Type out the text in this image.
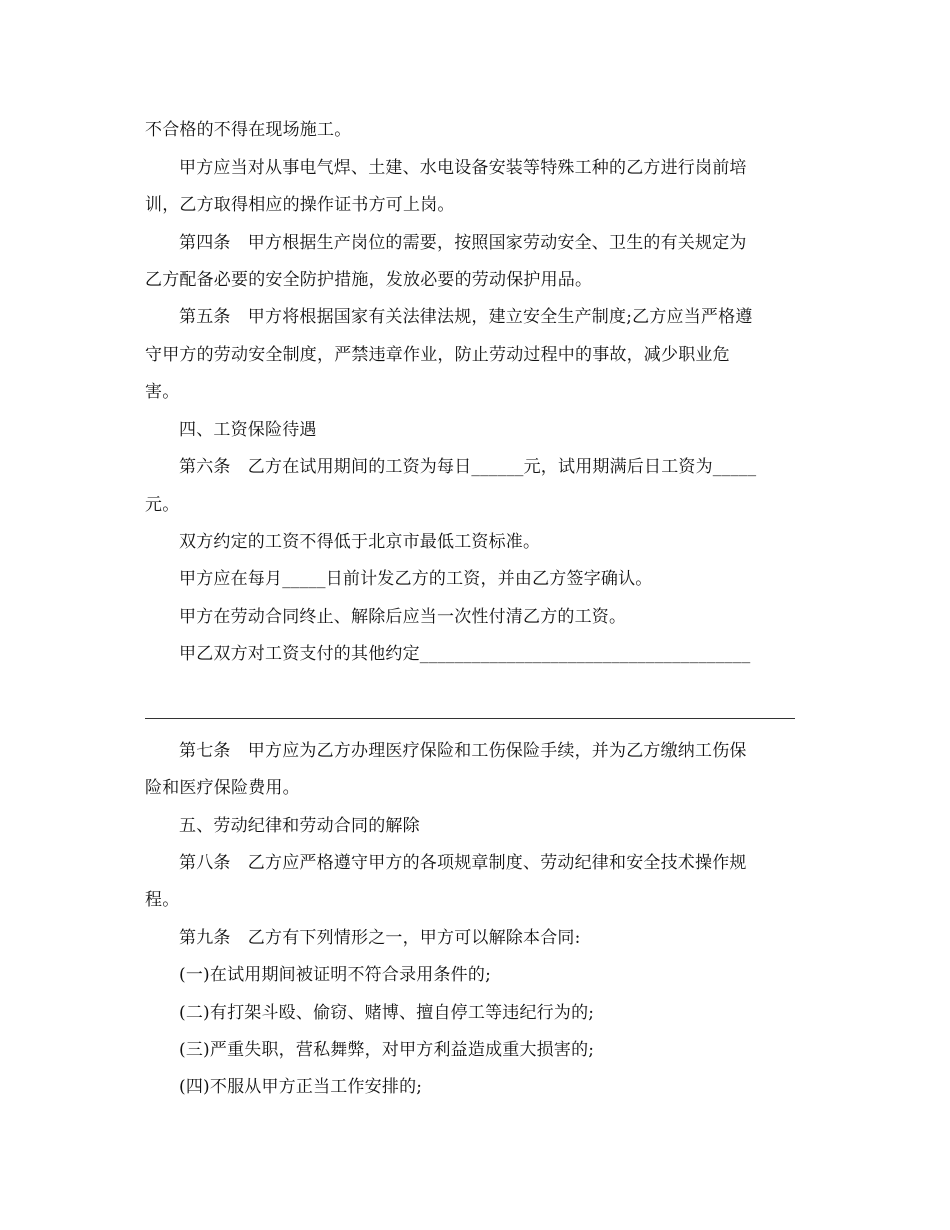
不合格的不得在现场施工。
甲方应当对从事电气焊、土建、水电设备安装等特殊工种的乙方进行岗前培
训，乙方取得相应的操作证书方可上岗。
第四条　甲方根据生产岗位的需要，按照国家劳动安全、卫生的有关规定为
乙方配备必要的安全防护措施，发放必要的劳动保护用品。
第五条　甲方将根据国家有关法律法规，建立安全生产制度;乙方应当严格遵
守甲方的劳动安全制度，严禁违章作业，防止劳动过程中的事故，减少职业危
害。
四、工资保险待遇
第六条　乙方在试用期间的工资为每日______元，试用期满后日工资为_____
元。
双方约定的工资不得低于北京市最低工资标准。
甲方应在每月_____日前计发乙方的工资，并由乙方签字确认。
甲方在劳动合同终止、解除后应当一次性付清乙方的工资。
甲乙双方对工资支付的其他约定______________________________________
第七条　甲方应为乙方办理医疗保险和工伤保险手续，并为乙方缴纳工伤保
险和医疗保险费用。
五、劳动纪律和劳动合同的解除
第八条　乙方应严格遵守甲方的各项规章制度、劳动纪律和安全技术操作规
程。
第九条　乙方有下列情形之一，甲方可以解除本合同:
(一)在试用期间被证明不符合录用条件的;
(二)有打架斗殴、偷窃、赌博、擅自停工等违纪行为的;
(三)严重失职，营私舞弊，对甲方利益造成重大损害的;
(四)不服从甲方正当工作安排的;
